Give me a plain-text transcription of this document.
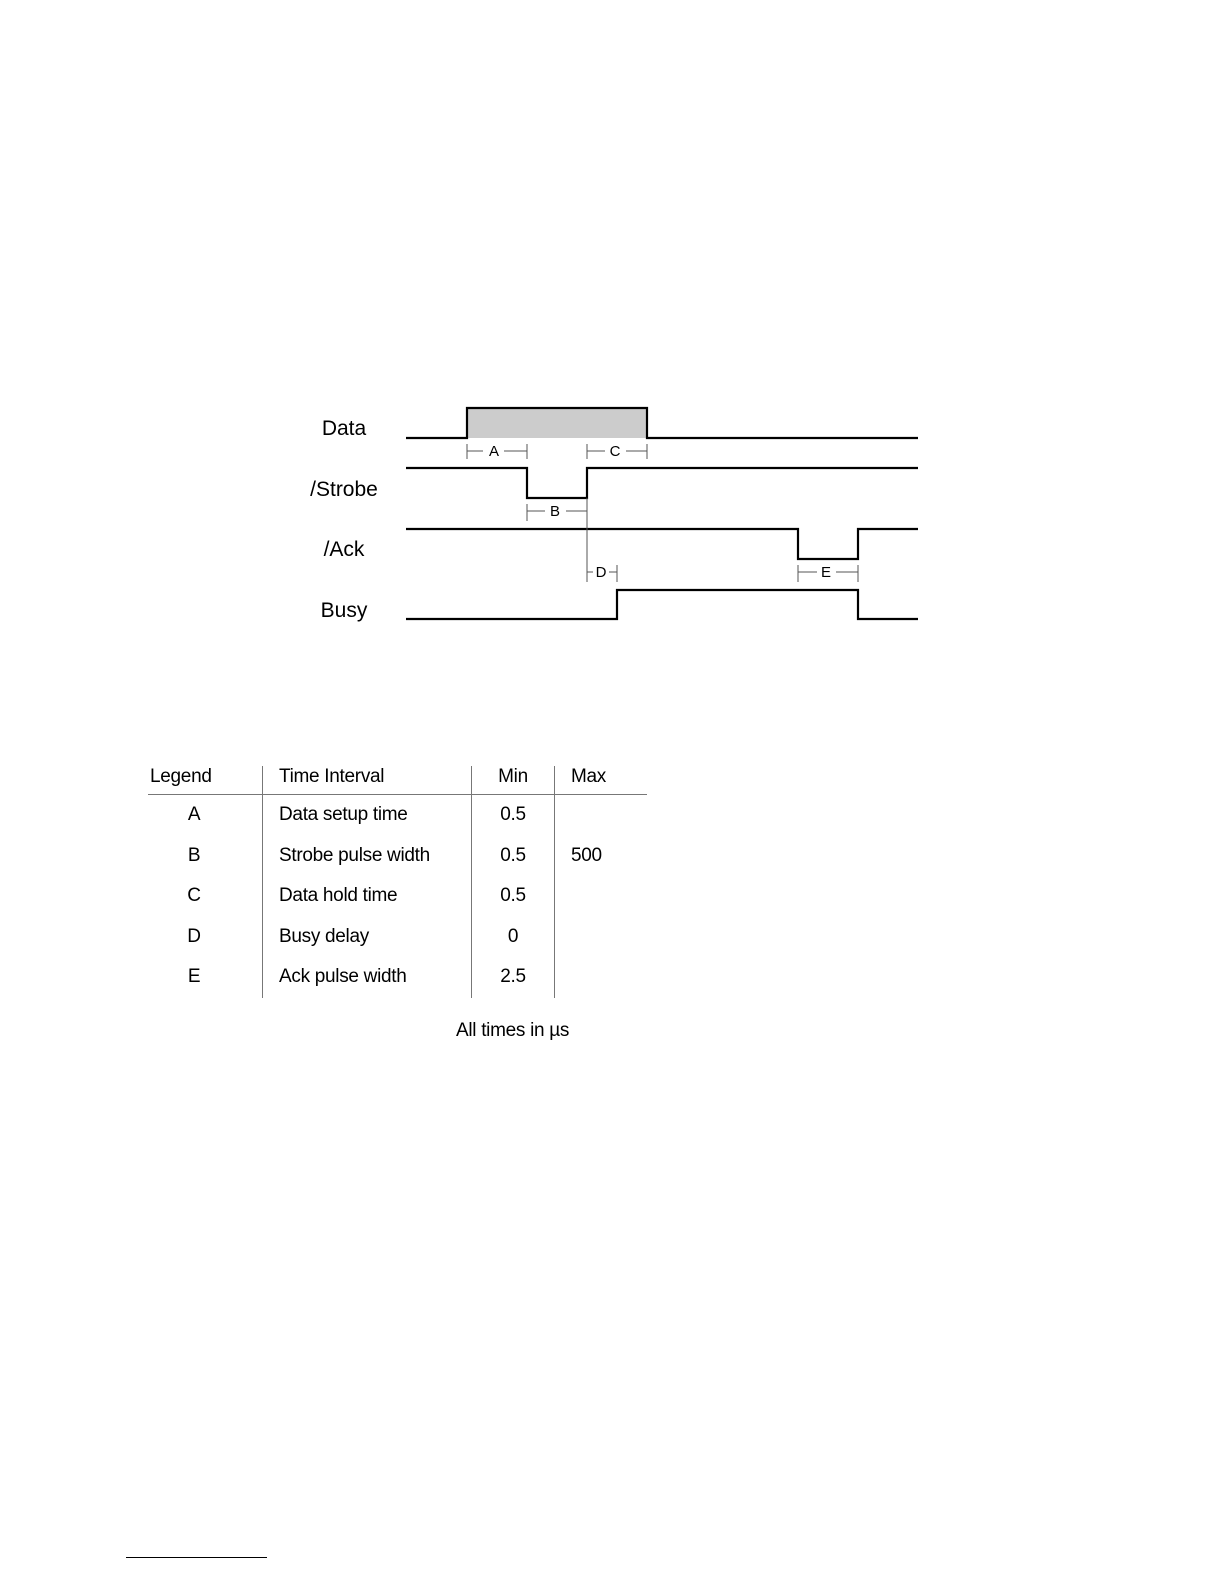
Data
/Strobe
/Ack
Busy
A	C
B
D	E
Legend	Time Interval	Min	Max
A	Data setup time	0.5	
B	Strobe pulse width	0.5	500
C	Data hold time	0.5	
D	Busy delay	0	
E	Ack pulse width	2.5	
All times in µs
